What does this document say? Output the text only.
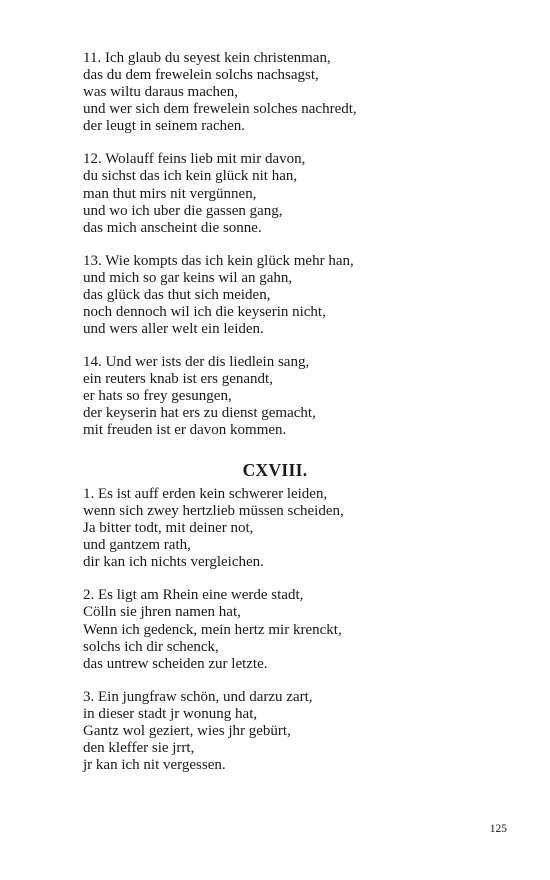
11. Ich glaub du seyest kein christenman,
das du dem frewelein solchs nachsagst,
was wiltu daraus machen,
und wer sich dem frewelein solches nachredt,
der leugt in seinem rachen.
12. Wolauff feins lieb mit mir davon,
du sichst das ich kein glück nit han,
man thut mirs nit vergünnen,
und wo ich uber die gassen gang,
das mich anscheint die sonne.
13. Wie kompts das ich kein glück mehr han,
und mich so gar keins wil an gahn,
das glück das thut sich meiden,
noch dennoch wil ich die keyserin nicht,
und wers aller welt ein leiden.
14. Und wer ists der dis liedlein sang,
ein reuters knab ist ers genandt,
er hats so frey gesungen,
der keyserin hat ers zu dienst gemacht,
mit freuden ist er davon kommen.
CXVIII.
1. Es ist auff erden kein schwerer leiden,
wenn sich zwey hertzlieb müssen scheiden,
Ja bitter todt, mit deiner not,
und gantzem rath,
dir kan ich nichts vergleichen.
2. Es ligt am Rhein eine werde stadt,
Cölln sie jhren namen hat,
Wenn ich gedenck, mein hertz mir krenckt,
solchs ich dir schenck,
das untrew scheiden zur letzte.
3. Ein jungfraw schön, und darzu zart,
in dieser stadt jr wonung hat,
Gantz wol geziert, wies jhr gebürt,
den kleffer sie jrrt,
jr kan ich nit vergessen.
125
